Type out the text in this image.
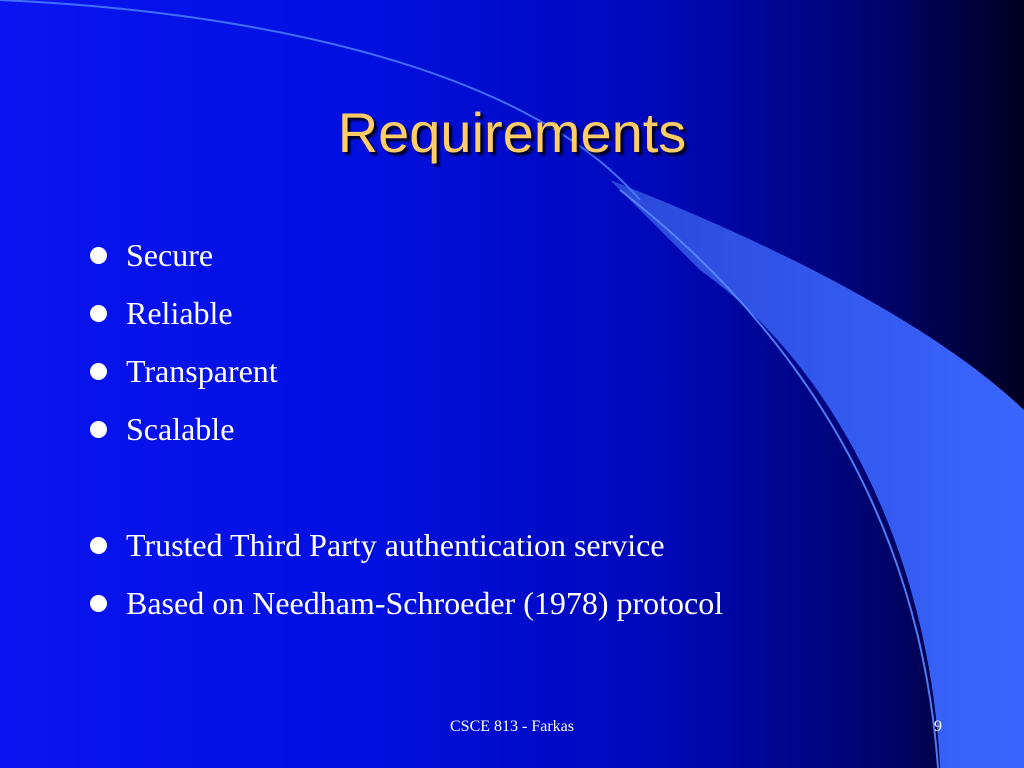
Requirements
Secure
Reliable
Transparent
Scalable
Trusted Third Party authentication service
Based on Needham-Schroeder (1978) protocol
CSCE 813 - Farkas	9
